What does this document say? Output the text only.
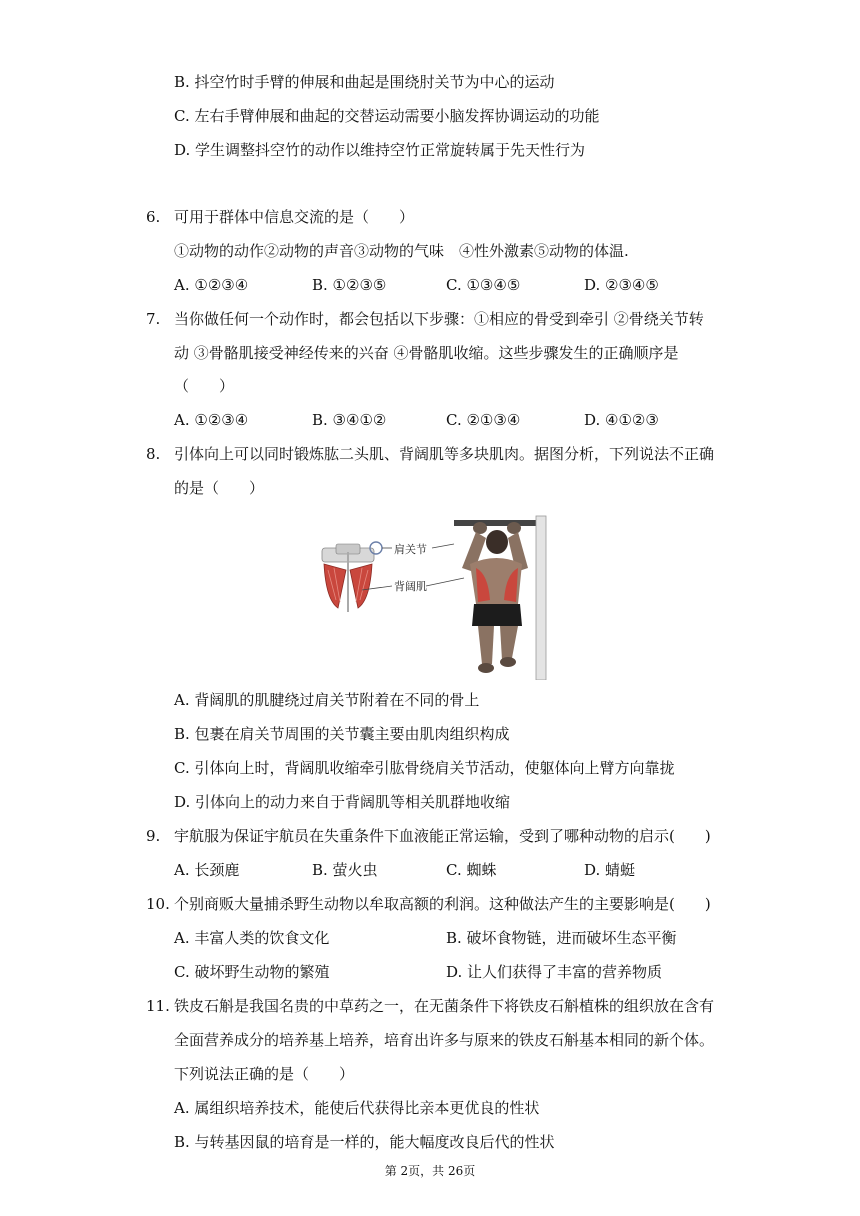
B. 抖空竹时手臂的伸展和曲起是围绕肘关节为中心的运动
C. 左右手臂伸展和曲起的交替运动需要小脑发挥协调运动的功能
D. 学生调整抖空竹的动作以维持空竹正常旋转属于先天性行为
6. 可用于群体中信息交流的是（　　）
①动物的动作②动物的声音③动物的气味　④性外激素⑤动物的体温.
A. ①②③④	B. ①②③⑤	C. ①③④⑤	D. ②③④⑤
7. 当你做任何一个动作时，都会包括以下步骤：①相应的骨受到牵引 ②骨绕关节转
动 ③骨骼肌接受神经传来的兴奋 ④骨骼肌收缩。这些步骤发生的正确顺序是
（　　）
A. ①②③④	B. ③④①②	C. ②①③④	D. ④①②③
8. 引体向上可以同时锻炼肱二头肌、背阔肌等多块肌肉。据图分析，下列说法不正确
的是（　　）
肩关节
背阔肌
A. 背阔肌的肌腱绕过肩关节附着在不同的骨上
B. 包裹在肩关节周围的关节囊主要由肌肉组织构成
C. 引体向上时，背阔肌收缩牵引肱骨绕肩关节活动，使躯体向上臂方向靠拢
D. 引体向上的动力来自于背阔肌等相关肌群地收缩
9. 宇航服为保证宇航员在失重条件下血液能正常运输，受到了哪种动物的启示(　　)
A. 长颈鹿	B. 萤火虫	C. 蜘蛛	D. 蜻蜓
10. 个别商贩大量捕杀野生动物以牟取高额的利润。这种做法产生的主要影响是(　　)
A. 丰富人类的饮食文化	B. 破坏食物链，进而破坏生态平衡
C. 破坏野生动物的繁殖	D. 让人们获得了丰富的营养物质
11. 铁皮石斛是我国名贵的中草药之一，在无菌条件下将铁皮石斛植株的组织放在含有
全面营养成分的培养基上培养，培育出许多与原来的铁皮石斛基本相同的新个体。
下列说法正确的是（　　）
A. 属组织培养技术，能使后代获得比亲本更优良的性状
B. 与转基因鼠的培育是一样的，能大幅度改良后代的性状
第 2页，共 26页
